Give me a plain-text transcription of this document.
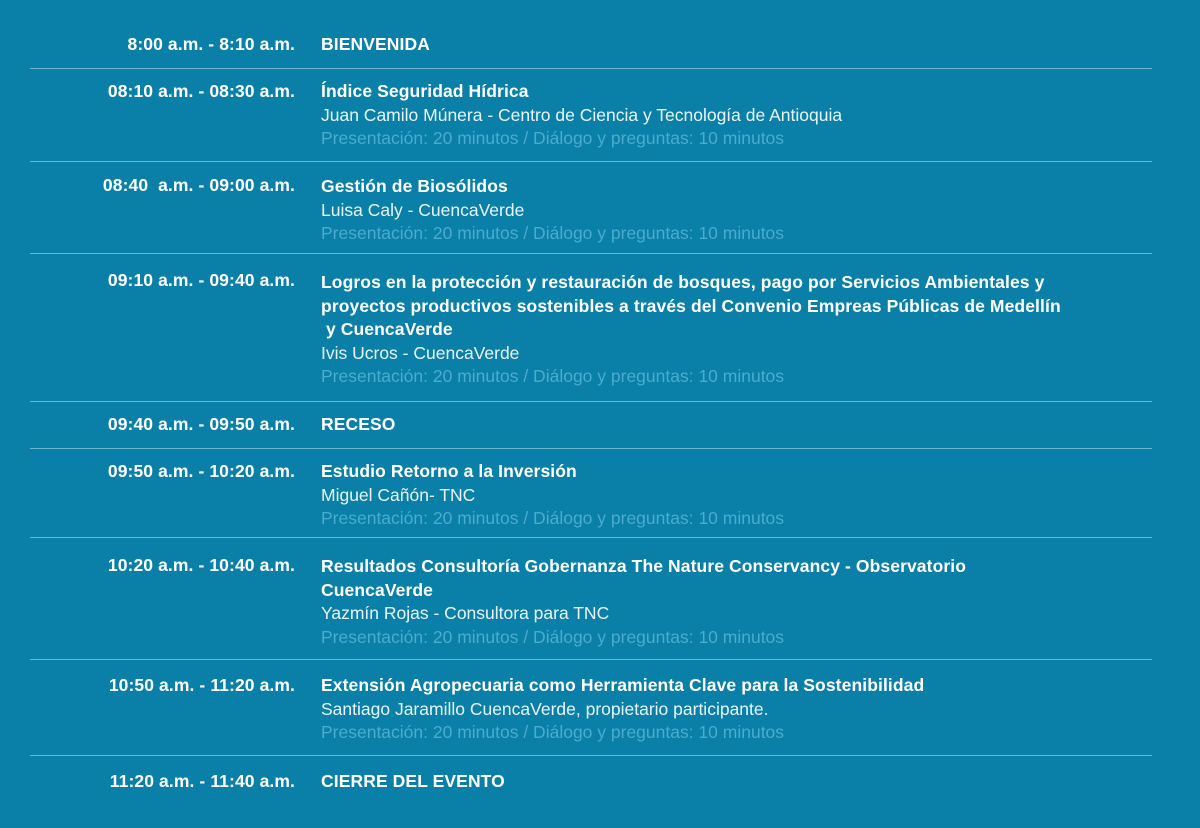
8:00 a.m. - 8:10 a.m. BIENVENIDA
08:10 a.m. - 08:30 a.m. Índice Seguridad Hídrica
Juan Camilo Múnera - Centro de Ciencia y Tecnología de Antioquia
Presentación: 20 minutos / Diálogo y preguntas: 10 minutos
08:40  a.m. - 09:00 a.m. Gestión de Biosólidos
Luisa Caly - CuencaVerde
Presentación: 20 minutos / Diálogo y preguntas: 10 minutos
09:10 a.m. - 09:40 a.m. Logros en la protección y restauración de bosques, pago por Servicios Ambientales y
proyectos productivos sostenibles a través del Convenio Empreas Públicas de Medellín
y CuencaVerde
Ivis Ucros - CuencaVerde
Presentación: 20 minutos / Diálogo y preguntas: 10 minutos
09:40 a.m. - 09:50 a.m. RECESO
09:50 a.m. - 10:20 a.m. Estudio Retorno a la Inversión
Miguel Cañón- TNC
Presentación: 20 minutos / Diálogo y preguntas: 10 minutos
10:20 a.m. - 10:40 a.m. Resultados Consultoría Gobernanza The Nature Conservancy - Observatorio
CuencaVerde
Yazmín Rojas - Consultora para TNC
Presentación: 20 minutos / Diálogo y preguntas: 10 minutos
10:50 a.m. - 11:20 a.m. Extensión Agropecuaria como Herramienta Clave para la Sostenibilidad
Santiago Jaramillo CuencaVerde, propietario participante.
Presentación: 20 minutos / Diálogo y preguntas: 10 minutos
11:20 a.m. - 11:40 a.m. CIERRE DEL EVENTO
